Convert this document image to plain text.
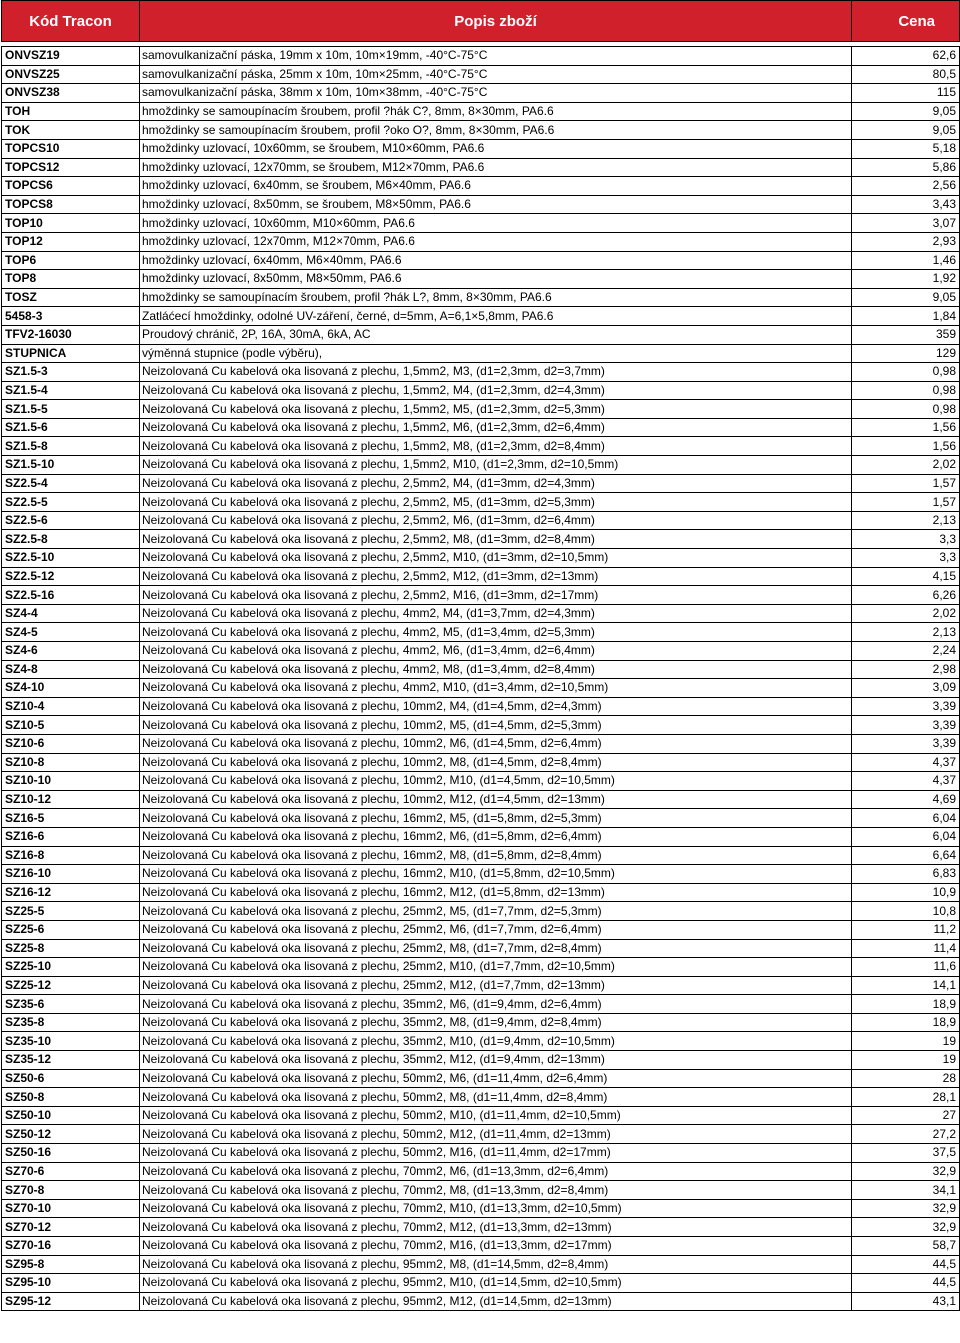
Kód Tracon	Popis zboží	Cena

ONVSZ19	samovulkanizační páska, 19mm x 10m, 10m×19mm, -40°C-75°C	62,6
ONVSZ25	samovulkanizační páska, 25mm x 10m, 10m×25mm, -40°C-75°C	80,5
ONVSZ38	samovulkanizační páska, 38mm x 10m, 10m×38mm, -40°C-75°C	115
TOH	hmoždinky se samoupínacím šroubem, profil ?hák C?, 8mm, 8×30mm, PA6.6	9,05
TOK	hmoždinky se samoupínacím šroubem, profil ?oko O?, 8mm, 8×30mm, PA6.6	9,05
TOPCS10	hmoždinky uzlovací, 10x60mm, se šroubem, M10×60mm, PA6.6	5,18
TOPCS12	hmoždinky uzlovací, 12x70mm, se šroubem, M12×70mm, PA6.6	5,86
TOPCS6	hmoždinky uzlovací, 6x40mm, se šroubem, M6×40mm, PA6.6	2,56
TOPCS8	hmoždinky uzlovací, 8x50mm, se šroubem, M8×50mm, PA6.6	3,43
TOP10	hmoždinky uzlovací, 10x60mm, M10×60mm, PA6.6	3,07
TOP12	hmoždinky uzlovací, 12x70mm, M12×70mm, PA6.6	2,93
TOP6	hmoždinky uzlovací, 6x40mm, M6×40mm, PA6.6	1,46
TOP8	hmoždinky uzlovací, 8x50mm, M8×50mm, PA6.6	1,92
TOSZ	hmoždinky se samoupínacím šroubem, profil ?hák L?, 8mm, 8×30mm, PA6.6	9,05
5458-3	Zatláćecí hmoždinky, odolné UV-záření, černé, d=5mm, A=6,1×5,8mm, PA6.6	1,84
TFV2-16030	Proudový chránič, 2P, 16A, 30mA, 6kA, AC	359
STUPNICA	výměnná stupnice (podle výběru),	129
SZ1.5-3	Neizolovaná Cu kabelová oka lisovaná z plechu, 1,5mm2, M3, (d1=2,3mm, d2=3,7mm)	0,98
SZ1.5-4	Neizolovaná Cu kabelová oka lisovaná z plechu, 1,5mm2, M4, (d1=2,3mm, d2=4,3mm)	0,98
SZ1.5-5	Neizolovaná Cu kabelová oka lisovaná z plechu, 1,5mm2, M5, (d1=2,3mm, d2=5,3mm)	0,98
SZ1.5-6	Neizolovaná Cu kabelová oka lisovaná z plechu, 1,5mm2, M6, (d1=2,3mm, d2=6,4mm)	1,56
SZ1.5-8	Neizolovaná Cu kabelová oka lisovaná z plechu, 1,5mm2, M8, (d1=2,3mm, d2=8,4mm)	1,56
SZ1.5-10	Neizolovaná Cu kabelová oka lisovaná z plechu, 1,5mm2, M10, (d1=2,3mm, d2=10,5mm)	2,02
SZ2.5-4	Neizolovaná Cu kabelová oka lisovaná z plechu, 2,5mm2, M4, (d1=3mm, d2=4,3mm)	1,57
SZ2.5-5	Neizolovaná Cu kabelová oka lisovaná z plechu, 2,5mm2, M5, (d1=3mm, d2=5,3mm)	1,57
SZ2.5-6	Neizolovaná Cu kabelová oka lisovaná z plechu, 2,5mm2, M6, (d1=3mm, d2=6,4mm)	2,13
SZ2.5-8	Neizolovaná Cu kabelová oka lisovaná z plechu, 2,5mm2, M8, (d1=3mm, d2=8,4mm)	3,3
SZ2.5-10	Neizolovaná Cu kabelová oka lisovaná z plechu, 2,5mm2, M10, (d1=3mm, d2=10,5mm)	3,3
SZ2.5-12	Neizolovaná Cu kabelová oka lisovaná z plechu, 2,5mm2, M12, (d1=3mm, d2=13mm)	4,15
SZ2.5-16	Neizolovaná Cu kabelová oka lisovaná z plechu, 2,5mm2, M16, (d1=3mm, d2=17mm)	6,26
SZ4-4	Neizolovaná Cu kabelová oka lisovaná z plechu, 4mm2, M4, (d1=3,7mm, d2=4,3mm)	2,02
SZ4-5	Neizolovaná Cu kabelová oka lisovaná z plechu, 4mm2, M5, (d1=3,4mm, d2=5,3mm)	2,13
SZ4-6	Neizolovaná Cu kabelová oka lisovaná z plechu, 4mm2, M6, (d1=3,4mm, d2=6,4mm)	2,24
SZ4-8	Neizolovaná Cu kabelová oka lisovaná z plechu, 4mm2, M8, (d1=3,4mm, d2=8,4mm)	2,98
SZ4-10	Neizolovaná Cu kabelová oka lisovaná z plechu, 4mm2, M10, (d1=3,4mm, d2=10,5mm)	3,09
SZ10-4	Neizolovaná Cu kabelová oka lisovaná z plechu, 10mm2, M4, (d1=4,5mm, d2=4,3mm)	3,39
SZ10-5	Neizolovaná Cu kabelová oka lisovaná z plechu, 10mm2, M5, (d1=4,5mm, d2=5,3mm)	3,39
SZ10-6	Neizolovaná Cu kabelová oka lisovaná z plechu, 10mm2, M6, (d1=4,5mm, d2=6,4mm)	3,39
SZ10-8	Neizolovaná Cu kabelová oka lisovaná z plechu, 10mm2, M8, (d1=4,5mm, d2=8,4mm)	4,37
SZ10-10	Neizolovaná Cu kabelová oka lisovaná z plechu, 10mm2, M10, (d1=4,5mm, d2=10,5mm)	4,37
SZ10-12	Neizolovaná Cu kabelová oka lisovaná z plechu, 10mm2, M12, (d1=4,5mm, d2=13mm)	4,69
SZ16-5	Neizolovaná Cu kabelová oka lisovaná z plechu, 16mm2, M5, (d1=5,8mm, d2=5,3mm)	6,04
SZ16-6	Neizolovaná Cu kabelová oka lisovaná z plechu, 16mm2, M6, (d1=5,8mm, d2=6,4mm)	6,04
SZ16-8	Neizolovaná Cu kabelová oka lisovaná z plechu, 16mm2, M8, (d1=5,8mm, d2=8,4mm)	6,64
SZ16-10	Neizolovaná Cu kabelová oka lisovaná z plechu, 16mm2, M10, (d1=5,8mm, d2=10,5mm)	6,83
SZ16-12	Neizolovaná Cu kabelová oka lisovaná z plechu, 16mm2, M12, (d1=5,8mm, d2=13mm)	10,9
SZ25-5	Neizolovaná Cu kabelová oka lisovaná z plechu, 25mm2, M5, (d1=7,7mm, d2=5,3mm)	10,8
SZ25-6	Neizolovaná Cu kabelová oka lisovaná z plechu, 25mm2, M6, (d1=7,7mm, d2=6,4mm)	11,2
SZ25-8	Neizolovaná Cu kabelová oka lisovaná z plechu, 25mm2, M8, (d1=7,7mm, d2=8,4mm)	11,4
SZ25-10	Neizolovaná Cu kabelová oka lisovaná z plechu, 25mm2, M10, (d1=7,7mm, d2=10,5mm)	11,6
SZ25-12	Neizolovaná Cu kabelová oka lisovaná z plechu, 25mm2, M12, (d1=7,7mm, d2=13mm)	14,1
SZ35-6	Neizolovaná Cu kabelová oka lisovaná z plechu, 35mm2, M6, (d1=9,4mm, d2=6,4mm)	18,9
SZ35-8	Neizolovaná Cu kabelová oka lisovaná z plechu, 35mm2, M8, (d1=9,4mm, d2=8,4mm)	18,9
SZ35-10	Neizolovaná Cu kabelová oka lisovaná z plechu, 35mm2, M10, (d1=9,4mm, d2=10,5mm)	19
SZ35-12	Neizolovaná Cu kabelová oka lisovaná z plechu, 35mm2, M12, (d1=9,4mm, d2=13mm)	19
SZ50-6	Neizolovaná Cu kabelová oka lisovaná z plechu, 50mm2, M6, (d1=11,4mm, d2=6,4mm)	28
SZ50-8	Neizolovaná Cu kabelová oka lisovaná z plechu, 50mm2, M8, (d1=11,4mm, d2=8,4mm)	28,1
SZ50-10	Neizolovaná Cu kabelová oka lisovaná z plechu, 50mm2, M10, (d1=11,4mm, d2=10,5mm)	27
SZ50-12	Neizolovaná Cu kabelová oka lisovaná z plechu, 50mm2, M12, (d1=11,4mm, d2=13mm)	27,2
SZ50-16	Neizolovaná Cu kabelová oka lisovaná z plechu, 50mm2, M16, (d1=11,4mm, d2=17mm)	37,5
SZ70-6	Neizolovaná Cu kabelová oka lisovaná z plechu, 70mm2, M6, (d1=13,3mm, d2=6,4mm)	32,9
SZ70-8	Neizolovaná Cu kabelová oka lisovaná z plechu, 70mm2, M8, (d1=13,3mm, d2=8,4mm)	34,1
SZ70-10	Neizolovaná Cu kabelová oka lisovaná z plechu, 70mm2, M10, (d1=13,3mm, d2=10,5mm)	32,9
SZ70-12	Neizolovaná Cu kabelová oka lisovaná z plechu, 70mm2, M12, (d1=13,3mm, d2=13mm)	32,9
SZ70-16	Neizolovaná Cu kabelová oka lisovaná z plechu, 70mm2, M16, (d1=13,3mm, d2=17mm)	58,7
SZ95-8	Neizolovaná Cu kabelová oka lisovaná z plechu, 95mm2, M8, (d1=14,5mm, d2=8,4mm)	44,5
SZ95-10	Neizolovaná Cu kabelová oka lisovaná z plechu, 95mm2, M10, (d1=14,5mm, d2=10,5mm)	44,5
SZ95-12	Neizolovaná Cu kabelová oka lisovaná z plechu, 95mm2, M12, (d1=14,5mm, d2=13mm)	43,1
